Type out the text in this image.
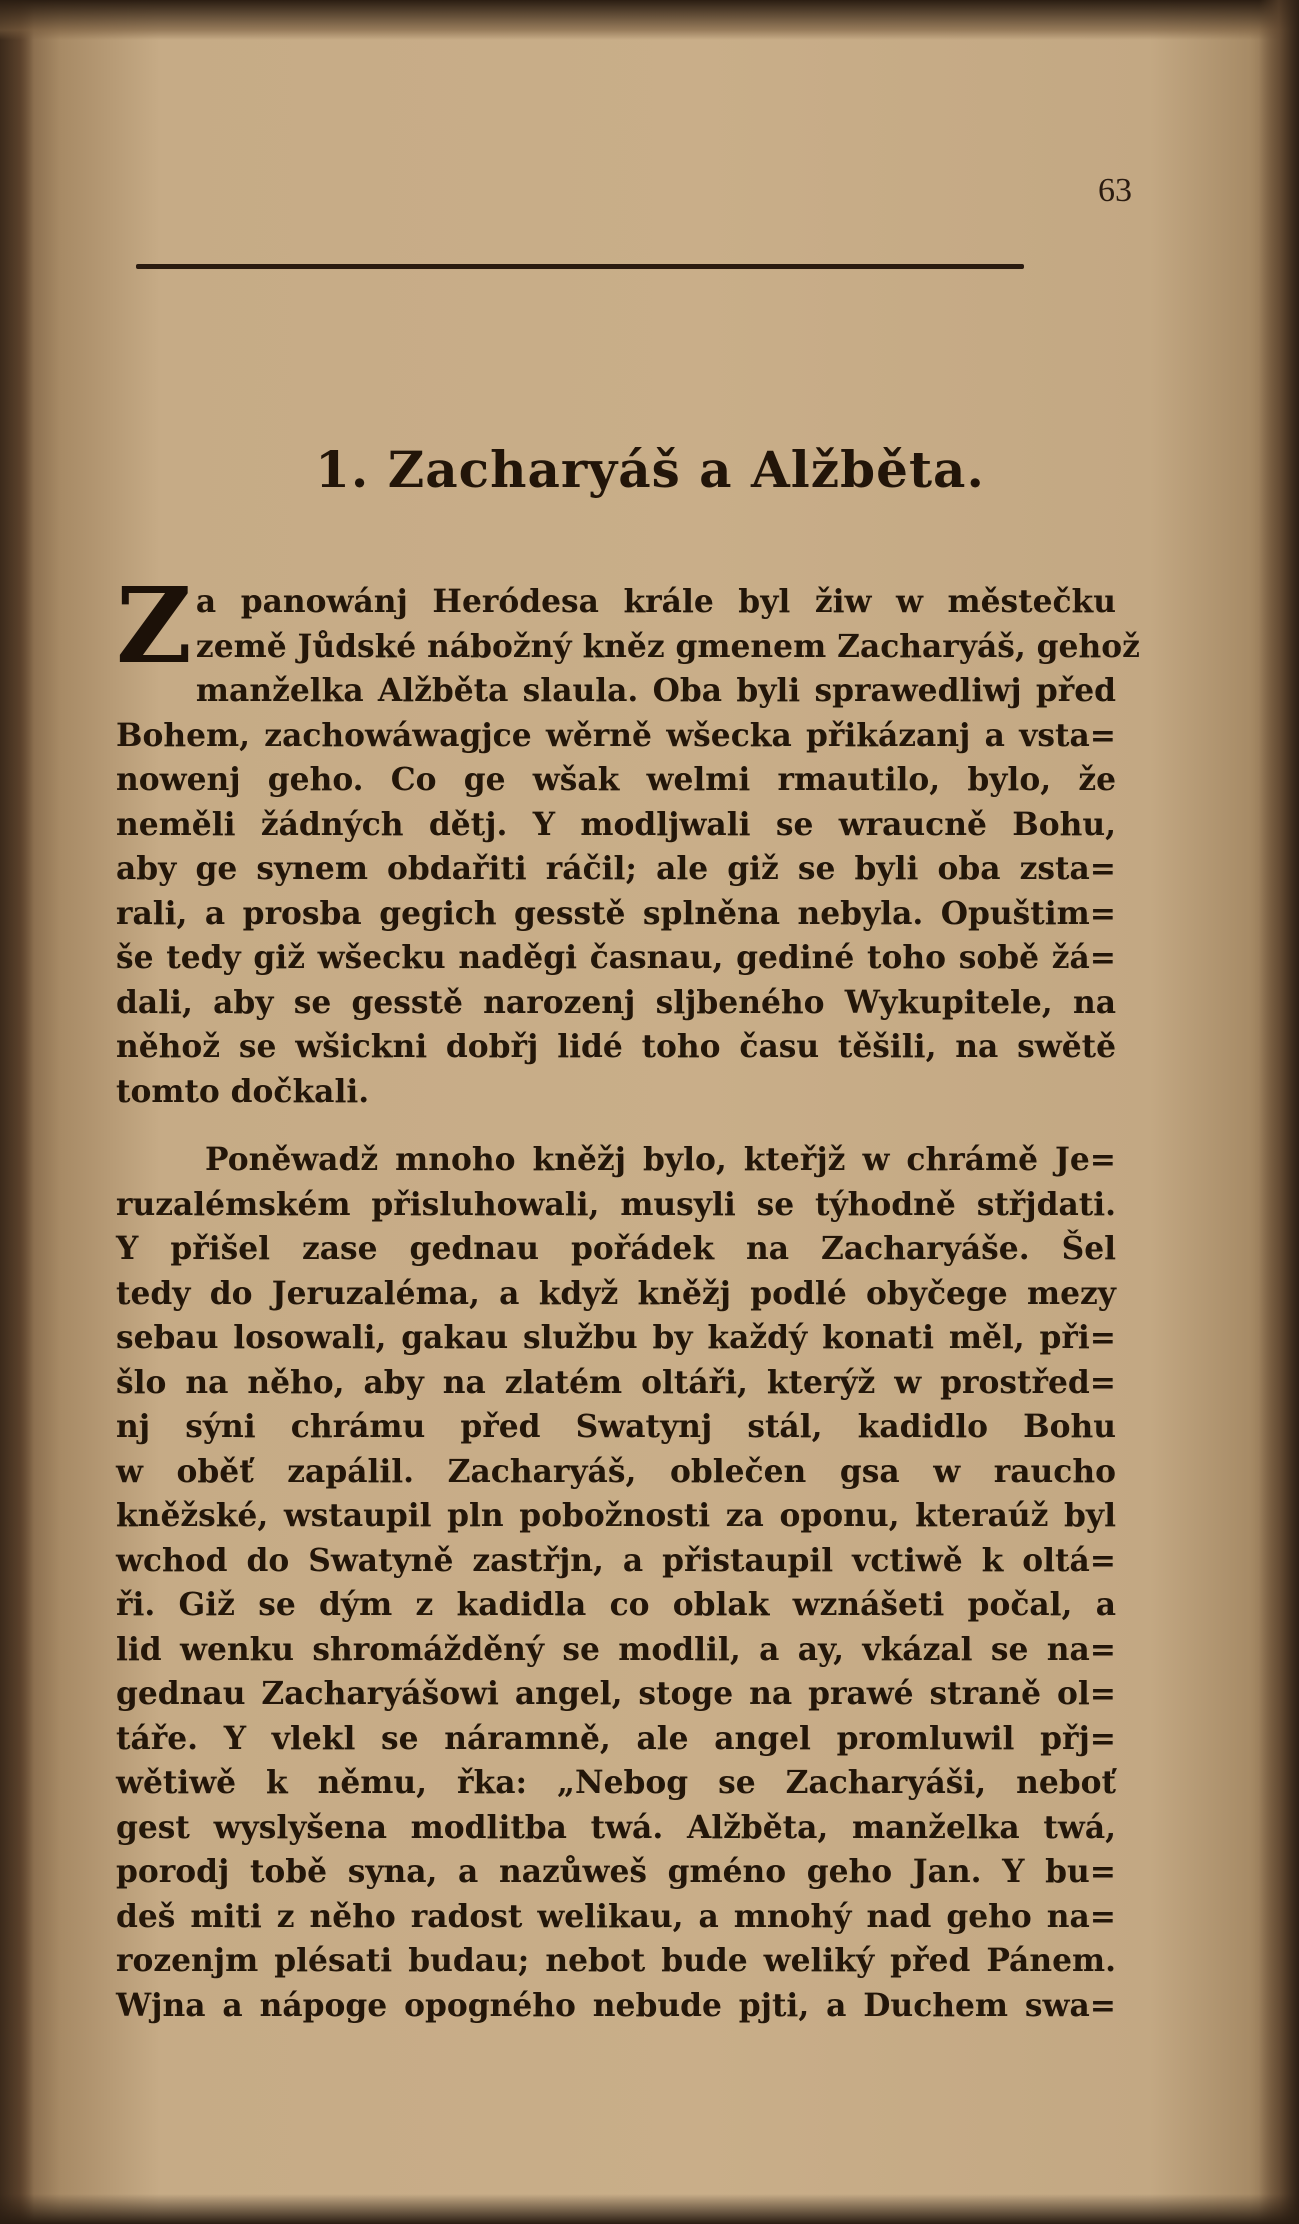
63
1. Zacharyáš a Alžběta.
Z a panowánj Heródesa krále byl žiw w městečku
země Jůdské nábožný kněz gmenem Zacharyáš, gehož
manželka Alžběta slaula. Oba byli sprawedliwj před
Bohem, zachowáwagjce wěrně wšecka přikázanj a vsta=
nowenj geho. Co ge wšak welmi rmautilo, bylo, že
neměli žádných dětj. Y modljwali se wraucně Bohu,
aby ge synem obdařiti ráčil; ale giž se byli oba zsta=
rali, a prosba gegich gesstě splněna nebyla. Opuštim=
še tedy giž wšecku naděgi časnau, gediné toho sobě žá=
dali, aby se gesstě narozenj sljbeného Wykupitele, na
něhož se wšickni dobřj lidé toho času těšili, na swětě
tomto dočkali.
Poněwadž mnoho kněžj bylo, kteřjž w chrámě Je=
ruzalémském přisluhowali, musyli se týhodně střjdati.
Y přišel zase gednau pořádek na Zacharyáše. Šel
tedy do Jeruzaléma, a když kněžj podlé obyčege mezy
sebau losowali, gakau službu by každý konati měl, při=
šlo na něho, aby na zlatém oltáři, kterýž w prostřed=
nj sýni chrámu před Swatynj stál, kadidlo Bohu
w oběť zapálil. Zacharyáš, oblečen gsa w raucho
kněžské, wstaupil pln pobožnosti za oponu, kteraúž byl
wchod do Swatyně zastřjn, a přistaupil vctiwě k oltá=
ři. Giž se dým z kadidla co oblak wznášeti počal, a
lid wenku shromážděný se modlil, a ay, vkázal se na=
gednau Zacharyášowi angel, stoge na prawé straně ol=
táře. Y vlekl se náramně, ale angel promluwil přj=
wětiwě k němu, řka: „Nebog se Zacharyáši, neboť
gest wyslyšena modlitba twá. Alžběta, manželka twá,
porodj tobě syna, a nazůweš gméno geho Jan. Y bu=
deš miti z něho radost welikau, a mnohý nad geho na=
rozenjm plésati budau; nebot bude weliký před Pánem.
Wjna a nápoge opogného nebude pjti, a Duchem swa=
